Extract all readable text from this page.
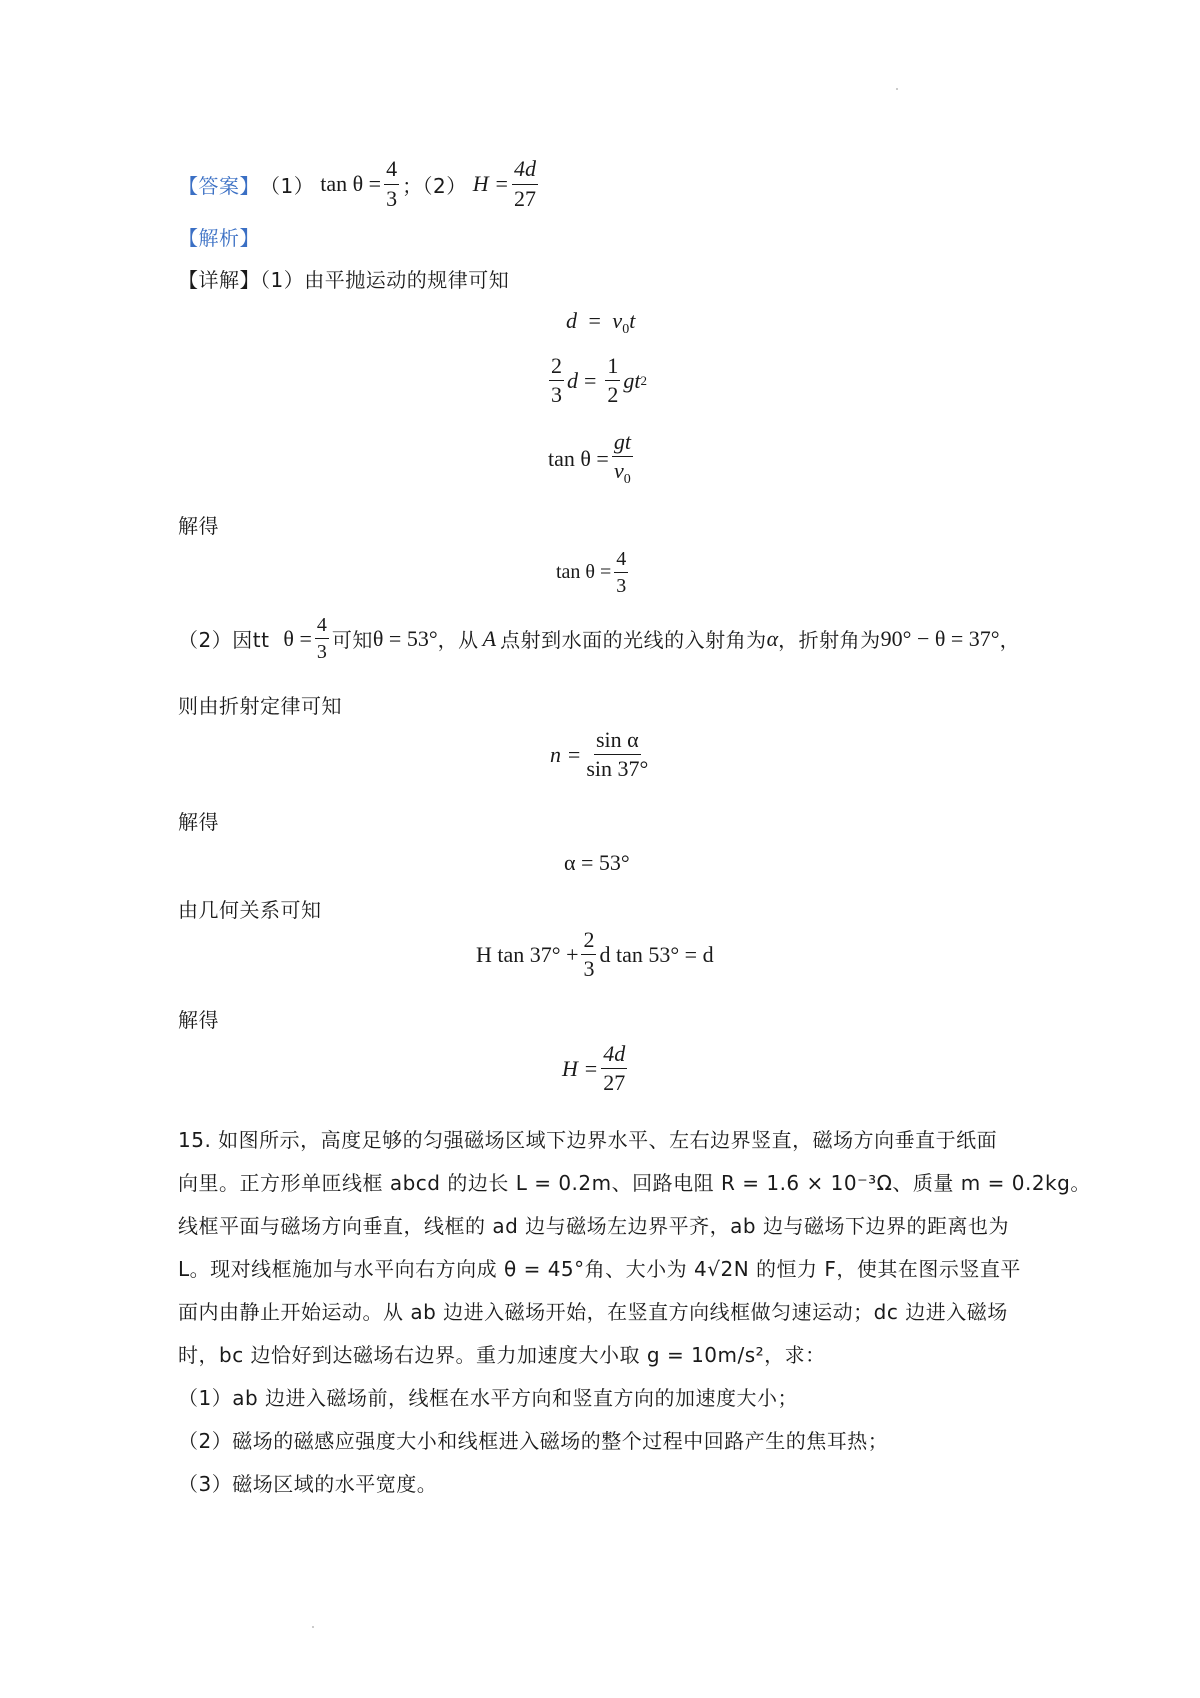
【答案】 （1） $\tan \theta = \frac{4}{3}$ ；（2） $H = \frac{4d}{27}$
【解析】
【详解】（1）由平抛运动的规律可知
$d = v_0t$
$\frac{2}{3}$ $d = \frac{1}{2}$ gt 2
$\tan \theta = \frac{gt}{v_0}$
解得
$\tan \theta = \frac{4}{3}$
（2）因tt $\theta = \frac{4}{3}$ 可知 θ = 53° ，从 A 点射到水面的光线的入射角为 α ，折射角为 90° − θ = 37° ，
则由折射定律可知
$n = \frac{\text{sin α}}{\sin 37^\circ}$
解得
α = 53°
由几何关系可知
H $\tan 37^\circ + \frac{2}{3}$ d tan 53° = d
解得
$H = \frac{4d}{27}$
15. 如图所示，高度足够的匀强磁场区域下边界水平、左右边界竖直，磁场方向垂直于纸面
向里。正方形单匝线框 abcd 的边长 L = 0.2m、回路电阻 R = 1.6 × 10⁻³Ω、质量 m = 0.2kg。
线框平面与磁场方向垂直，线框的 ad 边与磁场左边界平齐，ab 边与磁场下边界的距离也为
L。现对线框施加与水平向右方向成 θ = 45°角、大小为 4√2N 的恒力 F，使其在图示竖直平
面内由静止开始运动。从 ab 边进入磁场开始，在竖直方向线框做匀速运动；dc 边进入磁场
时，bc 边恰好到达磁场右边界。重力加速度大小取 g = 10m/s²，求：
（1）ab 边进入磁场前，线框在水平方向和竖直方向的加速度大小；
（2）磁场的磁感应强度大小和线框进入磁场的整个过程中回路产生的焦耳热；
（3）磁场区域的水平宽度。
